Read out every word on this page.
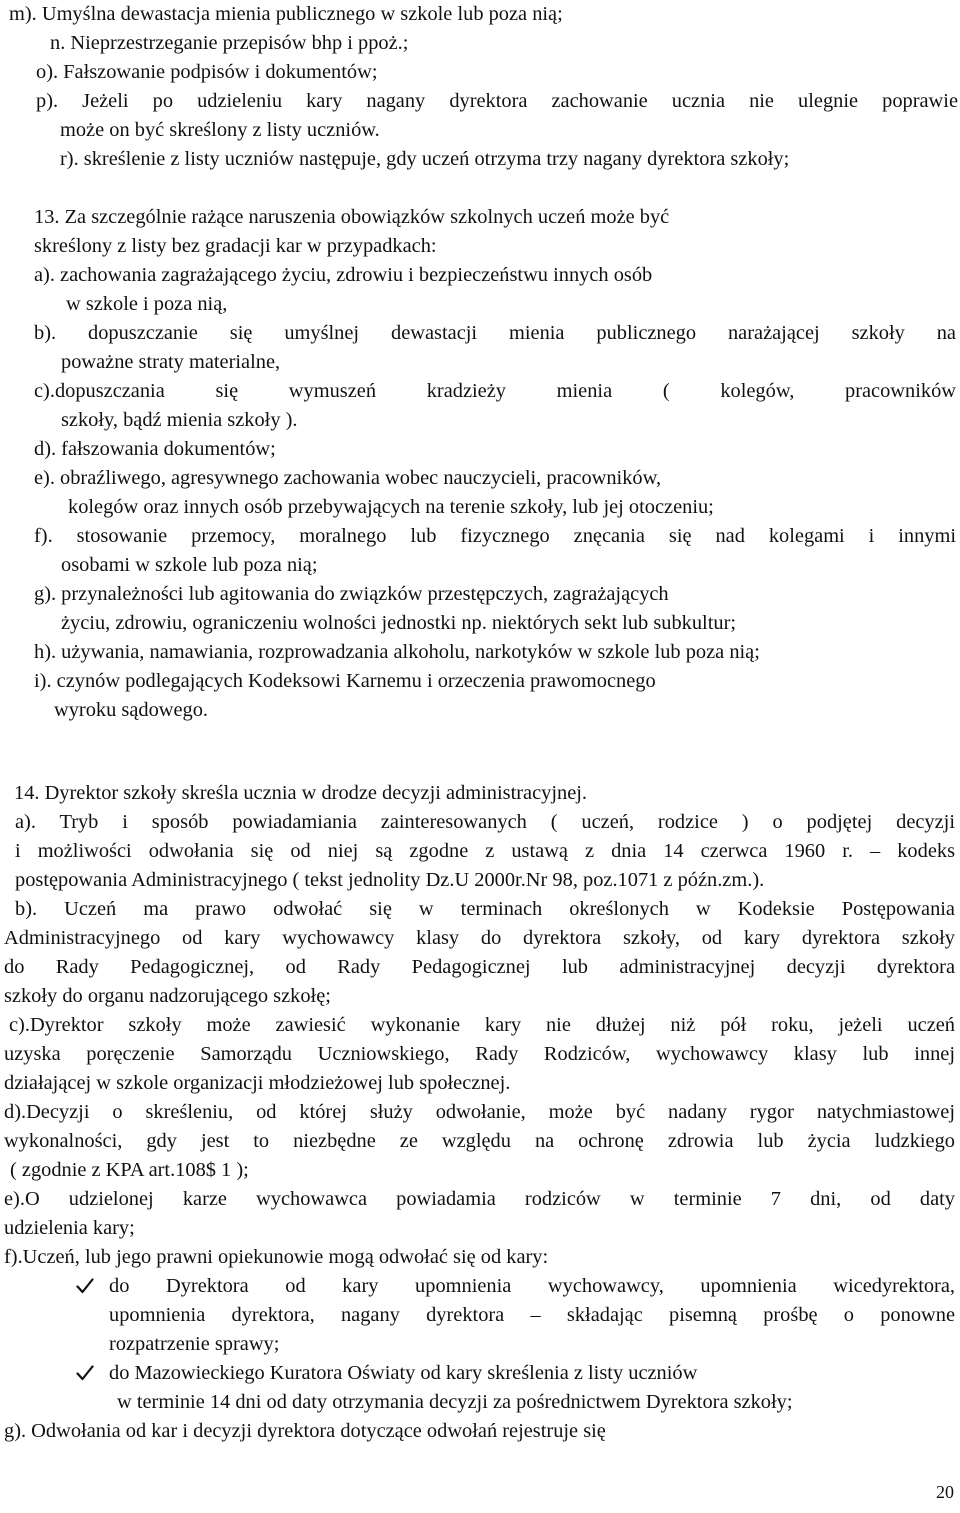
m). Umyślna dewastacja mienia publicznego w szkole lub poza nią;
n. Nieprzestrzeganie przepisów bhp i ppoż.;
o). Fałszowanie podpisów i dokumentów;
p). Jeżeli po udzieleniu kary nagany dyrektora zachowanie ucznia nie ulegnie poprawie
może on być skreślony z listy uczniów.
r). skreślenie z listy uczniów następuje, gdy uczeń otrzyma trzy nagany dyrektora szkoły;
13. Za szczególnie rażące naruszenia obowiązków szkolnych uczeń może być
skreślony z listy bez gradacji kar w przypadkach:
a). zachowania zagrażającego życiu, zdrowiu i bezpieczeństwu innych osób
w szkole i poza nią,
b). dopuszczanie się umyślnej dewastacji mienia publicznego narażającej szkoły na
poważne straty materialne,
c).dopuszczania się wymuszeń kradzieży mienia ( kolegów, pracowników
szkoły, bądź mienia szkoły ).
d). fałszowania dokumentów;
e). obraźliwego, agresywnego zachowania wobec nauczycieli, pracowników,
kolegów oraz innych osób przebywających na terenie szkoły, lub jej otoczeniu;
f). stosowanie przemocy, moralnego lub fizycznego znęcania się nad kolegami i innymi
osobami w szkole lub poza nią;
g). przynależności lub agitowania do związków przestępczych, zagrażających
życiu, zdrowiu, ograniczeniu wolności jednostki np. niektórych sekt lub subkultur;
h). używania, namawiania, rozprowadzania alkoholu, narkotyków w szkole lub poza nią;
i). czynów podlegających Kodeksowi Karnemu i orzeczenia prawomocnego
wyroku sądowego.
14. Dyrektor szkoły skreśla ucznia w drodze decyzji administracyjnej.
a). Tryb i sposób powiadamiania zainteresowanych ( uczeń, rodzice ) o podjętej decyzji
i możliwości odwołania się od niej są zgodne z ustawą z dnia 14 czerwca 1960 r. – kodeks
postępowania Administracyjnego ( tekst jednolity Dz.U 2000r.Nr 98, poz.1071 z późn.zm.).
b). Uczeń ma prawo odwołać się w terminach określonych w Kodeksie Postępowania
Administracyjnego od kary wychowawcy klasy do dyrektora szkoły, od kary dyrektora szkoły
do Rady Pedagogicznej, od Rady Pedagogicznej lub administracyjnej decyzji dyrektora
szkoły do organu nadzorującego szkołę;
c).Dyrektor szkoły może zawiesić wykonanie kary nie dłużej niż pół roku, jeżeli uczeń
uzyska poręczenie Samorządu Uczniowskiego, Rady Rodziców, wychowawcy klasy lub innej
działającej w szkole organizacji młodzieżowej lub społecznej.
d).Decyzji o skreśleniu, od której służy odwołanie, może być nadany rygor natychmiastowej
wykonalności, gdy jest to niezbędne ze względu na ochronę zdrowia lub życia ludzkiego
( zgodnie z KPA art.108$ 1 );
e).O udzielonej karze wychowawca powiadamia rodziców w terminie 7 dni, od daty
udzielenia kary;
f).Uczeń, lub jego prawni opiekunowie mogą odwołać się od kary:
do Dyrektora od kary upomnienia wychowawcy, upomnienia wicedyrektora,
upomnienia dyrektora, nagany dyrektora – składając pisemną prośbę o ponowne
rozpatrzenie sprawy;
do Mazowieckiego Kuratora Oświaty od kary skreślenia z listy uczniów
w terminie 14 dni od daty otrzymania decyzji za pośrednictwem Dyrektora szkoły;
g). Odwołania od kar i decyzji dyrektora dotyczące odwołań rejestruje się
20
